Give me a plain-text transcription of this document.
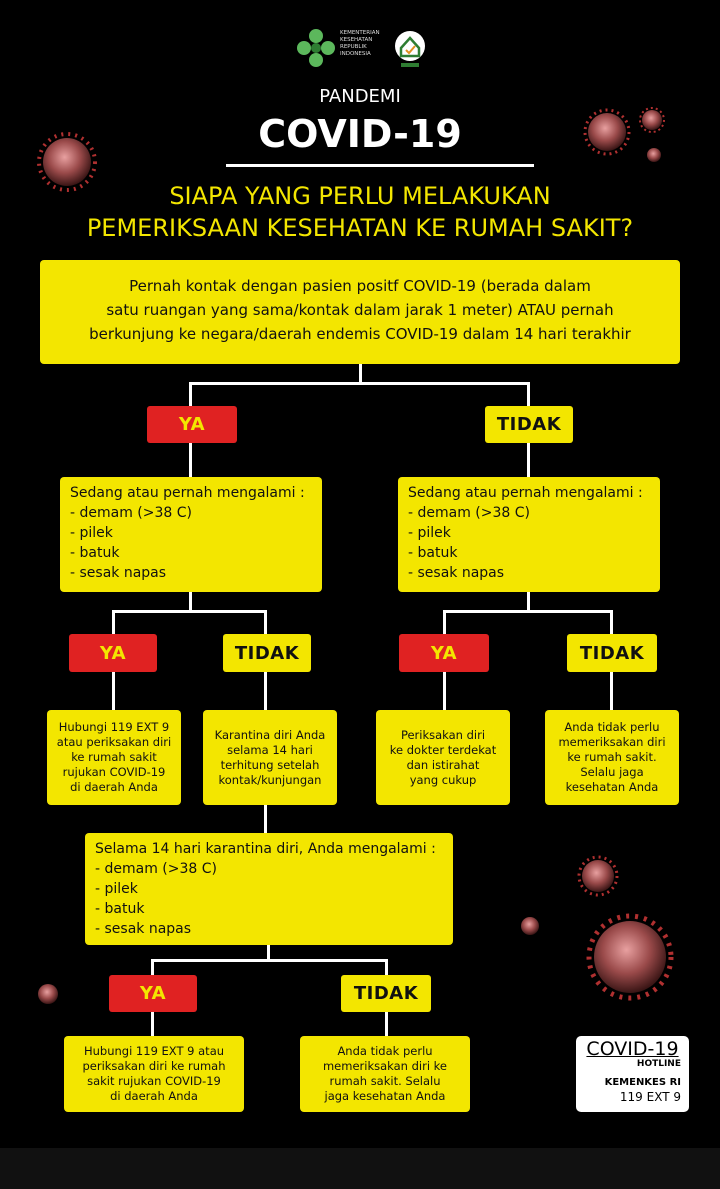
KEMENTERIAN
KESEHATAN
REPUBLIK
INDONESIA
PANDEMI
COVID-19
SIAPA YANG PERLU MELAKUKAN
PEMERIKSAAN KESEHATAN KE RUMAH SAKIT?
Pernah kontak dengan pasien positf COVID-19 (berada dalam
satu ruangan yang sama/kontak dalam jarak 1 meter) ATAU pernah
berkunjung ke negara/daerah endemis COVID-19 dalam 14 hari terakhir
YA	TIDAK
Sedang atau pernah mengalami :
- demam (>38 C)
- pilek
- batuk
- sesak napas
Sedang atau pernah mengalami :
- demam (>38 C)
- pilek
- batuk
- sesak napas
YA	TIDAK	YA	TIDAK
Hubungi 119 EXT 9
atau periksakan diri
ke rumah sakit
rujukan COVID-19
di daerah Anda
Karantina diri Anda
selama 14 hari
terhitung setelah
kontak/kunjungan
Periksakan diri
ke dokter terdekat
dan istirahat
yang cukup
Anda tidak perlu
memeriksakan diri
ke rumah sakit.
Selalu jaga
kesehatan Anda
Selama 14 hari karantina diri, Anda mengalami :
- demam (>38 C)
- pilek
- batuk
- sesak napas
YA	TIDAK
Hubungi 119 EXT 9 atau
periksakan diri ke rumah
sakit rujukan COVID-19
di daerah Anda
Anda tidak perlu
memeriksakan diri ke
rumah sakit. Selalu
jaga kesehatan Anda
COVID-19
HOTLINE
KEMENKES RI
119 EXT 9
